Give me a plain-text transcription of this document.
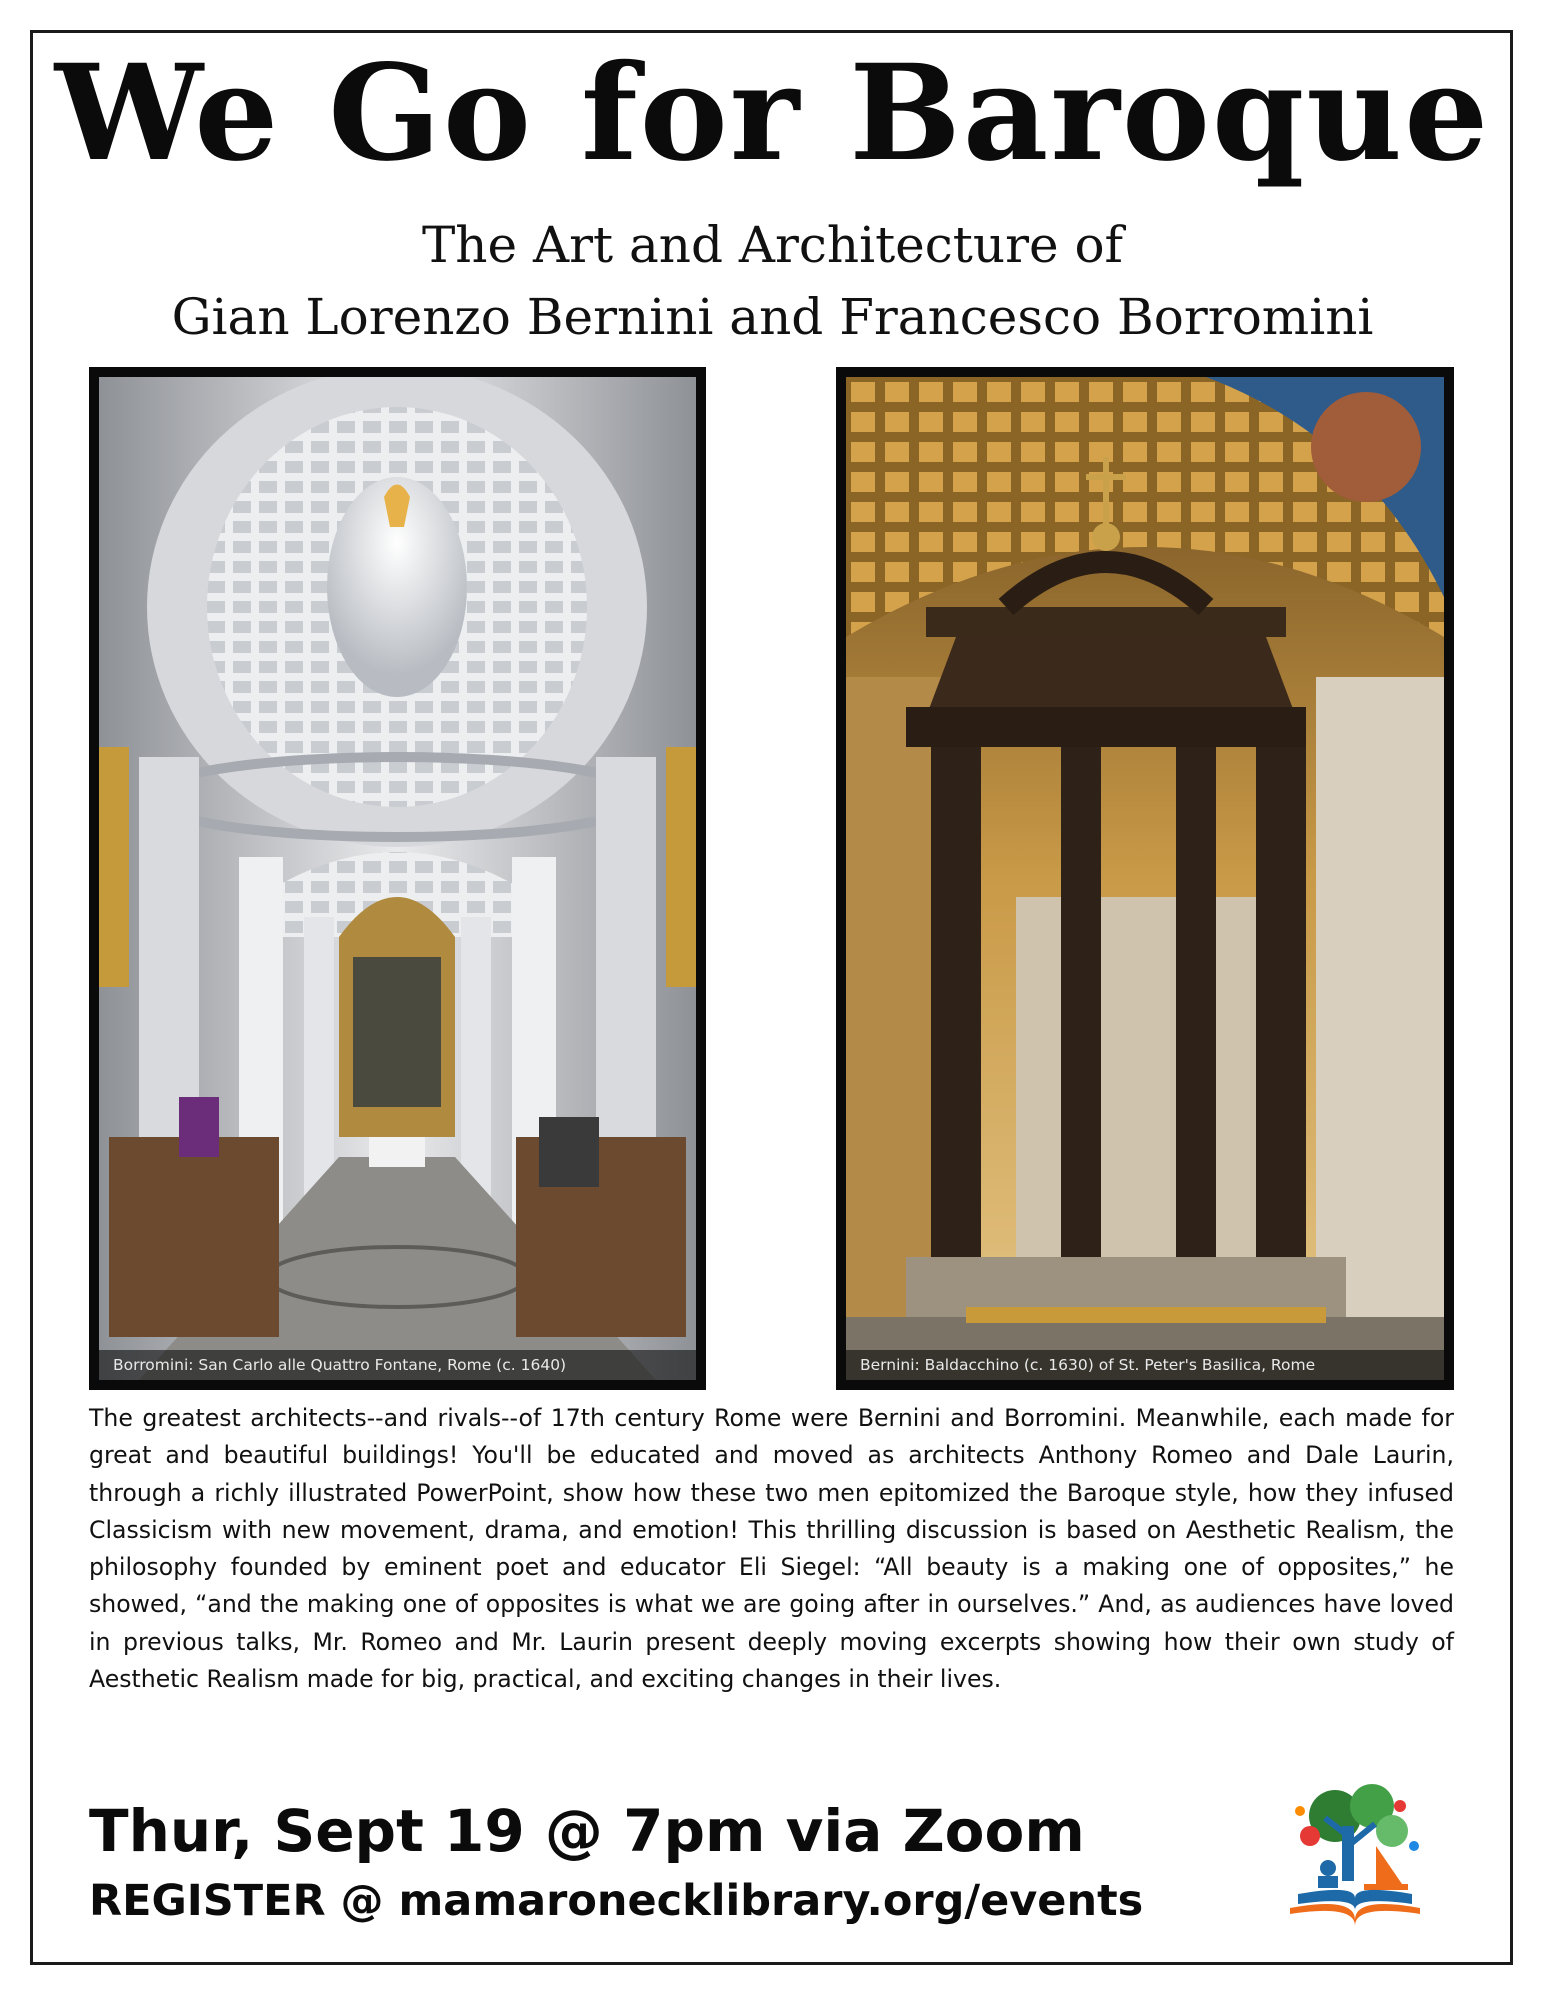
We Go for Baroque
The Art and Architecture of
Gian Lorenzo Bernini and Francesco Borromini
Borromini: San Carlo alle Quattro Fontane, Rome (c. 1640)	Bernini: Baldacchino (c. 1630) of St. Peter's Basilica, Rome

The greatest architects--and rivals--of 17th century Rome were Bernini and Borromini. Meanwhile, each made for great and beautiful buildings! You'll be educated and moved as architects Anthony Romeo and Dale Laurin, through a richly illustrated PowerPoint, show how these two men epitomized the Baroque style, how they infused Classicism with new movement, drama, and emotion! This thrilling discussion is based on Aesthetic Realism, the philosophy founded by eminent poet and educator Eli Siegel: “All beauty is a making one of opposites,” he showed, “and the making one of opposites is what we are going after in ourselves.” And, as audiences have loved in previous talks, Mr. Romeo and Mr. Laurin present deeply moving excerpts showing how their own study of Aesthetic Realism made for big, practical, and exciting changes in their lives.

Thur, Sept 19 @ 7pm via Zoom
REGISTER @ mamaronecklibrary.org/events
